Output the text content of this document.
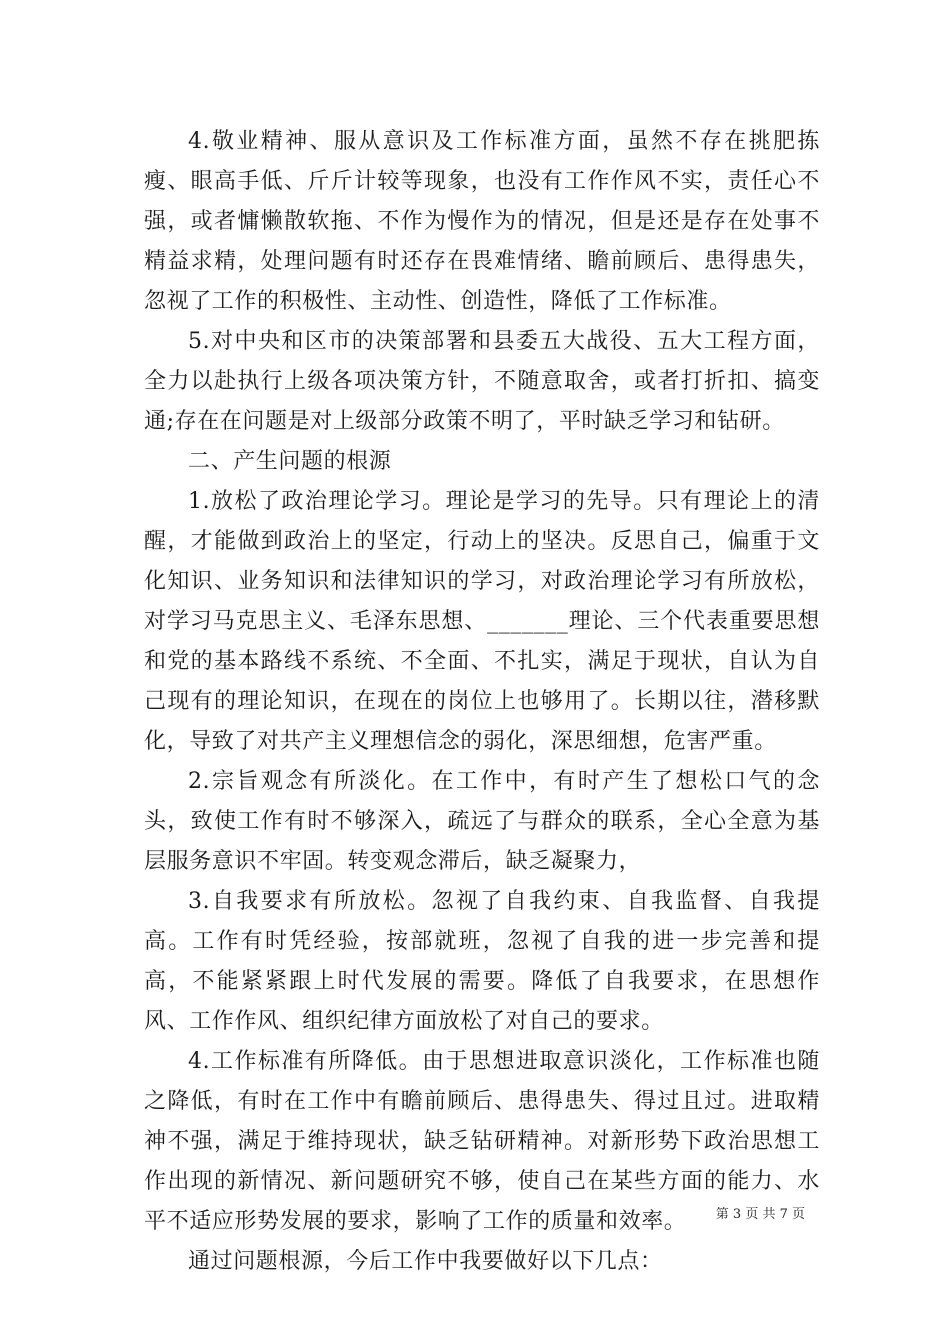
4.敬业精神、服从意识及工作标准方面，虽然不存在挑肥拣瘦、眼高手低、斤斤计较等现象，也没有工作作风不实，责任心不强，或者慵懒散软拖、不作为慢作为的情况，但是还是存在处事不精益求精，处理问题有时还存在畏难情绪、瞻前顾后、患得患失，忽视了工作的积极性、主动性、创造性，降低了工作标准。

5.对中央和区市的决策部署和县委五大战役、五大工程方面，全力以赴执行上级各项决策方针，不随意取舍，或者打折扣、搞变通;存在在问题是对上级部分政策不明了，平时缺乏学习和钻研。

二、产生问题的根源

1.放松了政治理论学习。理论是学习的先导。只有理论上的清醒，才能做到政治上的坚定，行动上的坚决。反思自己，偏重于文化知识、业务知识和法律知识的学习，对政治理论学习有所放松，对学习马克思主义、毛泽东思想、_______理论、三个代表重要思想和党的基本路线不系统、不全面、不扎实，满足于现状，自认为自己现有的理论知识，在现在的岗位上也够用了。长期以往，潜移默化，导致了对共产主义理想信念的弱化，深思细想，危害严重。

2.宗旨观念有所淡化。在工作中，有时产生了想松口气的念头，致使工作有时不够深入，疏远了与群众的联系，全心全意为基层服务意识不牢固。转变观念滞后，缺乏凝聚力，

3.自我要求有所放松。忽视了自我约束、自我监督、自我提高。工作有时凭经验，按部就班，忽视了自我的进一步完善和提高，不能紧紧跟上时代发展的需要。降低了自我要求，在思想作风、工作作风、组织纪律方面放松了对自己的要求。

4.工作标准有所降低。由于思想进取意识淡化，工作标准也随之降低，有时在工作中有瞻前顾后、患得患失、得过且过。进取精神不强，满足于维持现状，缺乏钻研精神。对新形势下政治思想工作出现的新情况、新问题研究不够，使自己在某些方面的能力、水平不适应形势发展的要求，影响了工作的质量和效率。

通过问题根源，今后工作中我要做好以下几点：

第 3 页 共 7 页
